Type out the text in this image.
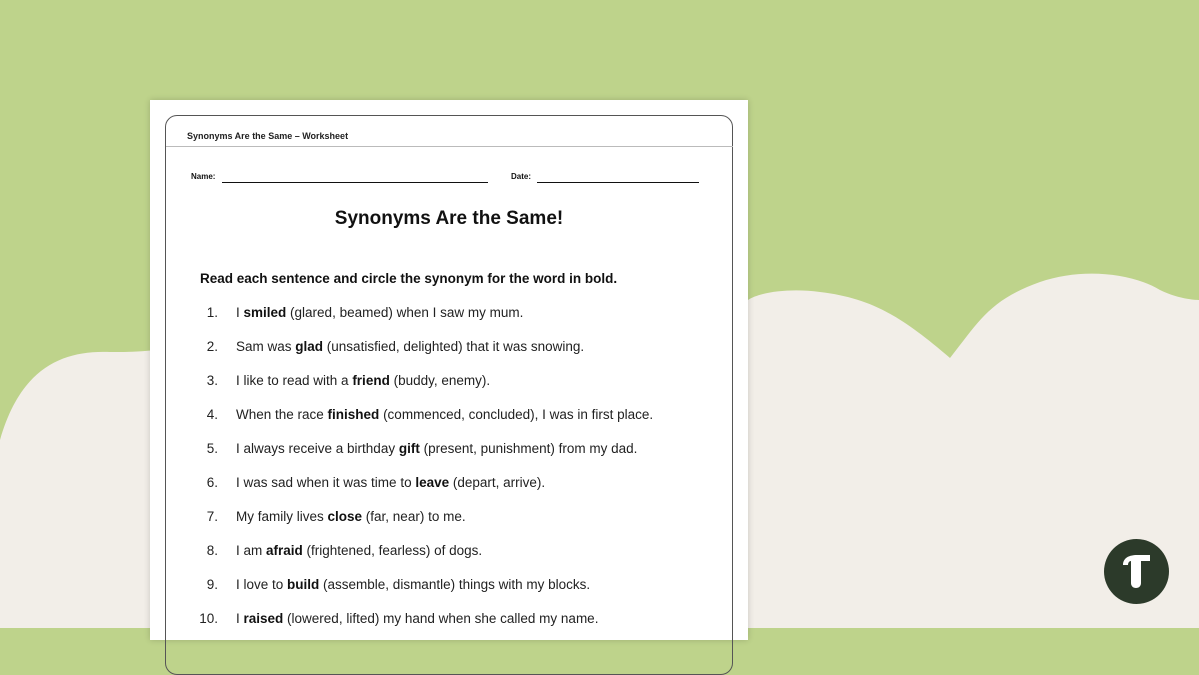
Synonyms Are the Same – Worksheet
Name:	Date:
Synonyms Are the Same!
Read each sentence and circle the synonym for the word in bold.
1. I smiled (glared, beamed) when I saw my mum.
2. Sam was glad (unsatisfied, delighted) that it was snowing.
3. I like to read with a friend (buddy, enemy).
4. When the race finished (commenced, concluded), I was in first place.
5. I always receive a birthday gift (present, punishment) from my dad.
6. I was sad when it was time to leave (depart, arrive).
7. My family lives close (far, near) to me.
8. I am afraid (frightened, fearless) of dogs.
9. I love to build (assemble, dismantle) things with my blocks.
10. I raised (lowered, lifted) my hand when she called my name.
